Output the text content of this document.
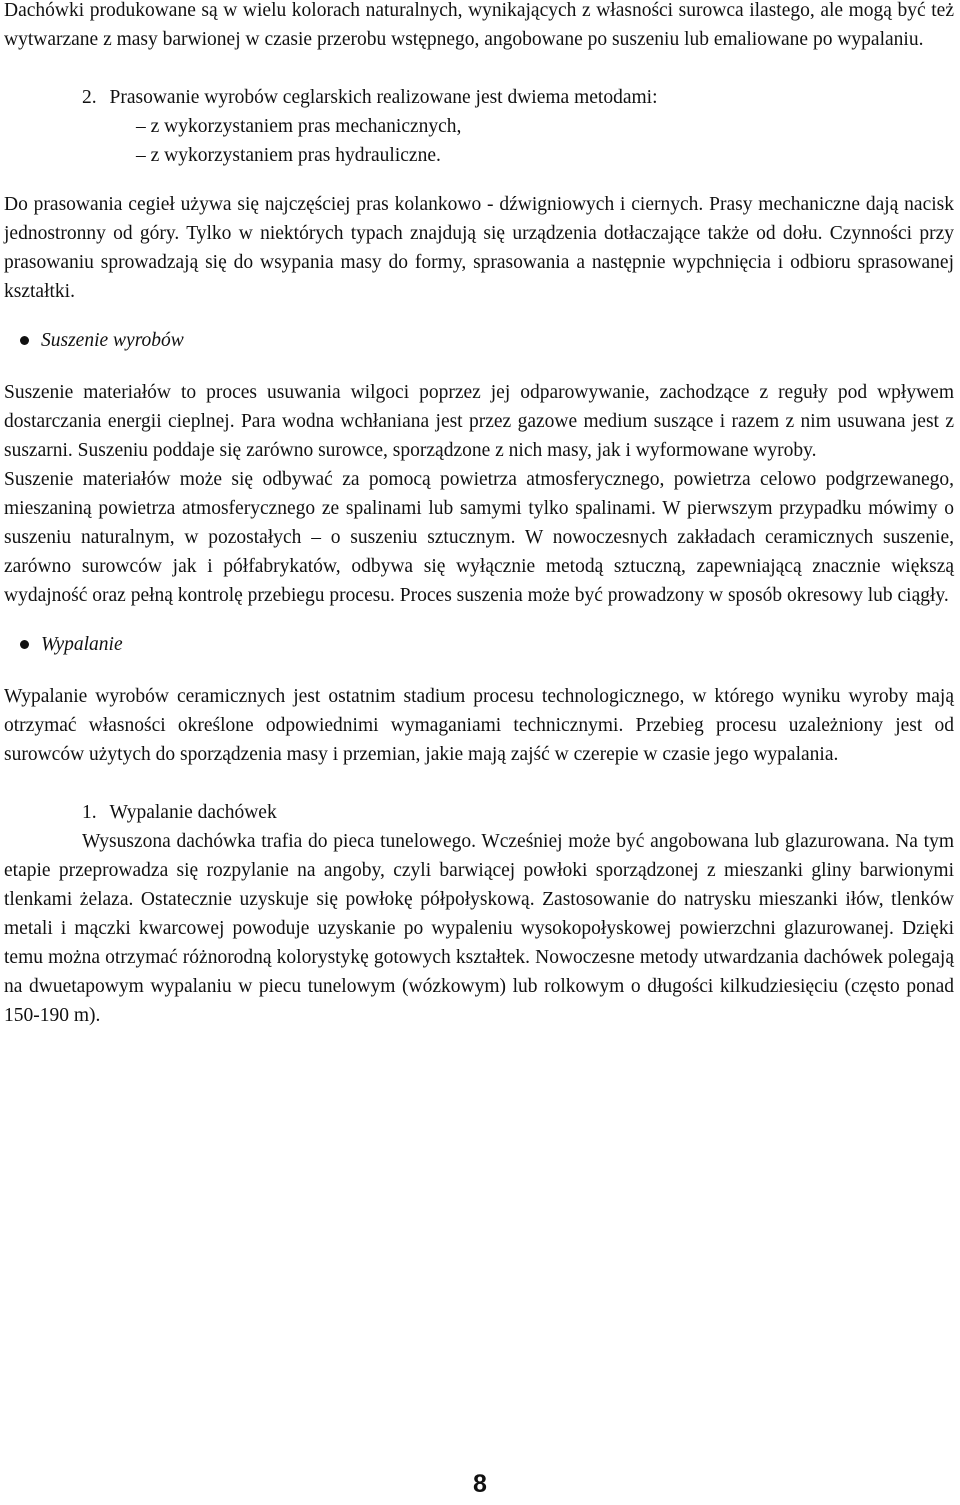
Dachówki produkowane są w wielu kolorach naturalnych, wynikających z własności surowca ilastego, ale mogą być też wytwarzane z masy barwionej w czasie przerobu wstępnego, angobowane po suszeniu lub emaliowane po wypalaniu.

2. Prasowanie wyrobów ceglarskich realizowane jest dwiema metodami:

– z wykorzystaniem pras mechanicznych,

– z wykorzystaniem pras hydrauliczne.

Do prasowania cegieł używa się najczęściej pras kolankowo - dźwigniowych i ciernych. Prasy mechaniczne dają nacisk jednostronny od góry. Tylko w niektórych typach znajdują się urządzenia dotłaczające także od dołu. Czynności przy prasowaniu sprowadzają się do wsypania masy do formy, sprasowania a następnie wypchnięcia i odbioru sprasowanej kształtki.

Suszenie wyrobów

Suszenie materiałów to proces usuwania wilgoci poprzez jej odparowywanie, zachodzące z reguły pod wpływem dostarczania energii cieplnej. Para wodna wchłaniana jest przez gazowe medium suszące i razem z nim usuwana jest z suszarni. Suszeniu poddaje się zarówno surowce, sporządzone z nich masy, jak i wyformowane wyroby.

Suszenie materiałów może się odbywać za pomocą powietrza atmosferycznego, powietrza celowo podgrzewanego, mieszaniną powietrza atmosferycznego ze spalinami lub samymi tylko spalinami. W pierwszym przypadku mówimy o suszeniu naturalnym, w pozostałych – o suszeniu sztucznym. W nowoczesnych zakładach ceramicznych suszenie, zarówno surowców jak i półfabrykatów, odbywa się wyłącznie metodą sztuczną, zapewniającą znacznie większą wydajność oraz pełną kontrolę przebiegu procesu. Proces suszenia może być prowadzony w sposób okresowy lub ciągły.

Wypalanie

Wypalanie wyrobów ceramicznych jest ostatnim stadium procesu technologicznego, w którego wyniku wyroby mają otrzymać własności określone odpowiednimi wymaganiami technicznymi. Przebieg procesu uzależniony jest od surowców użytych do sporządzenia masy i przemian, jakie mają zajść w czerepie w czasie jego wypalania.

1. Wypalanie dachówek

Wysuszona dachówka trafia do pieca tunelowego. Wcześniej może być angobowana lub glazurowana. Na tym etapie przeprowadza się rozpylanie na angoby, czyli barwiącej powłoki sporządzonej z mieszanki gliny barwionymi tlenkami żelaza. Ostatecznie uzyskuje się powłokę półpołyskową. Zastosowanie do natrysku mieszanki iłów, tlenków metali i mączki kwarcowej powoduje uzyskanie po wypaleniu wysokopołyskowej powierzchni glazurowanej. Dzięki temu można otrzymać różnorodną kolorystykę gotowych kształtek. Nowoczesne metody utwardzania dachówek polegają na dwuetapowym wypalaniu w piecu tunelowym (wózkowym) lub rolkowym o długości kilkudziesięciu (często ponad 150-190 m).

8
